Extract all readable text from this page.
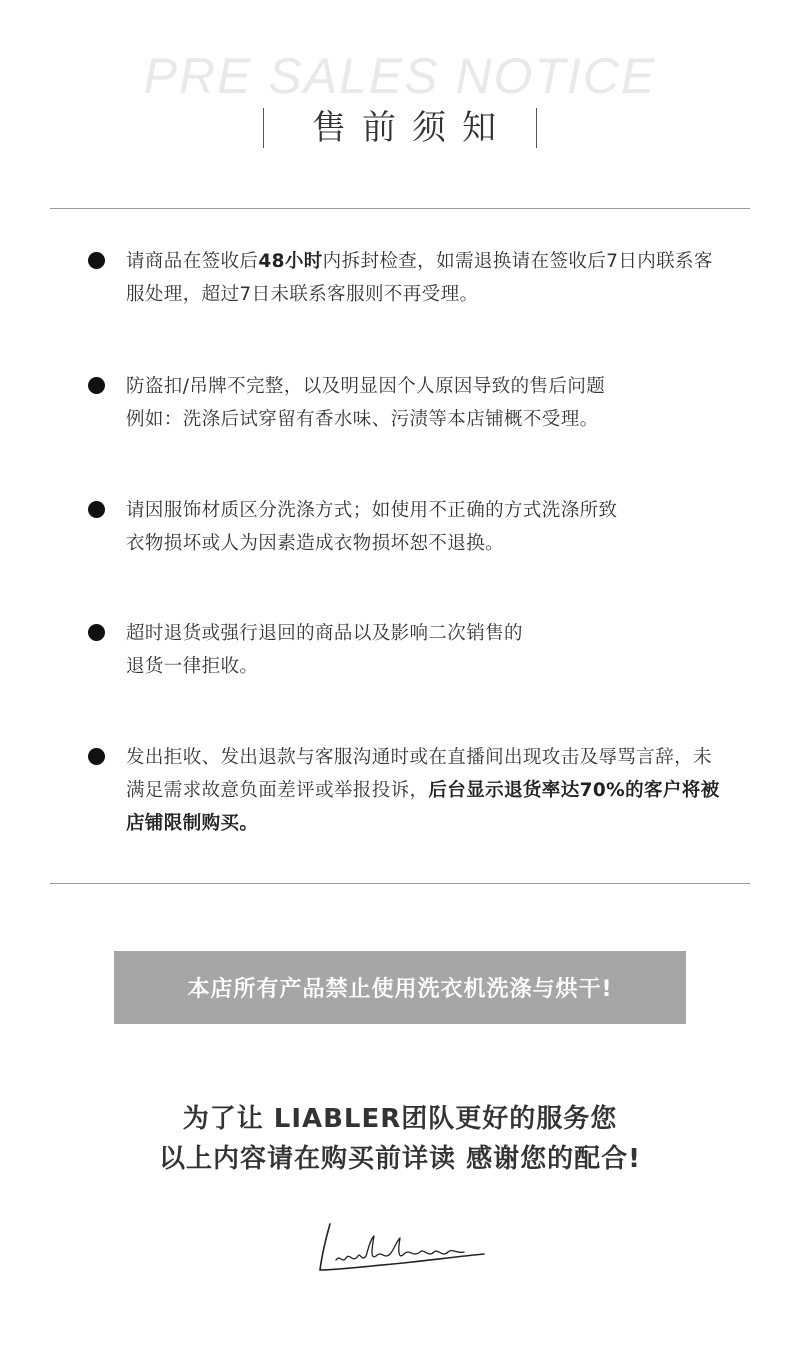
PRE SALES NOTICE
售前须知
请商品在签收后48小时内拆封检查，如需退换请在签收后7日内联系客服处理，超过7日未联系客服则不再受理。
防盗扣/吊牌不完整，以及明显因个人原因导致的售后问题
例如：洗涤后试穿留有香水味、污渍等本店铺概不受理。
请因服饰材质区分洗涤方式；如使用不正确的方式洗涤所致
衣物损坏或人为因素造成衣物损坏恕不退换。
超时退货或强行退回的商品以及影响二次销售的
退货一律拒收。
发出拒收、发出退款与客服沟通时或在直播间出现攻击及辱骂言辞，未满足需求故意负面差评或举报投诉，后台显示退货率达70%的客户将被店铺限制购买。
本店所有产品禁止使用洗衣机洗涤与烘干!
为了让 LIABLER团队更好的服务您
以上内容请在购买前详读 感谢您的配合!
